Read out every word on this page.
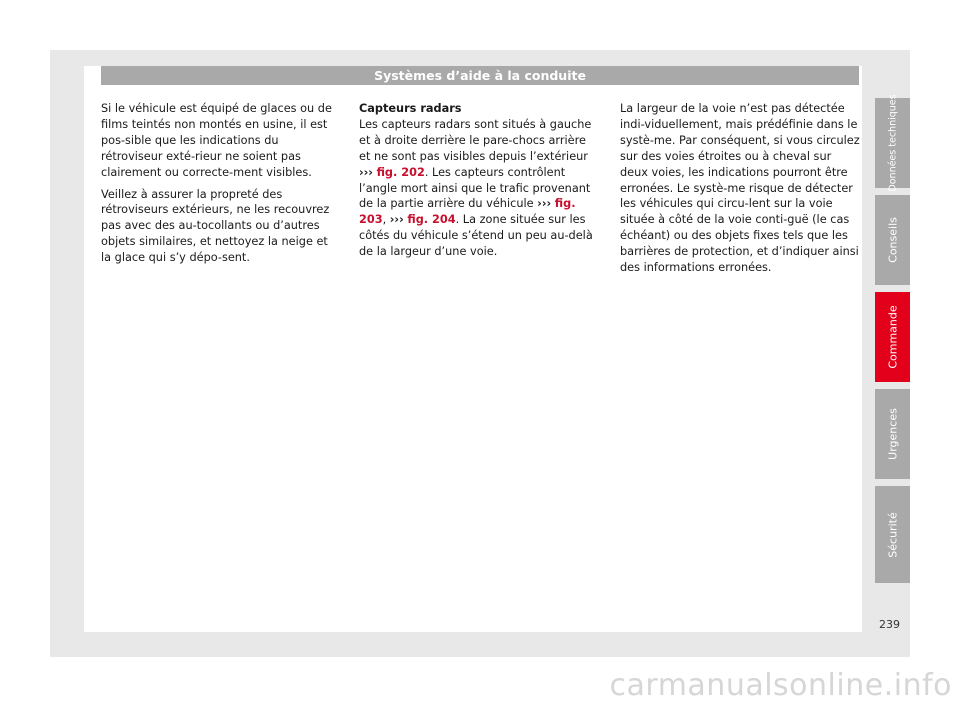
Systèmes d’aide à la conduite

Si le véhicule est équipé de glaces ou de films teintés non montés en usine, il est pos-sible que les indications du rétroviseur exté-rieur ne soient pas clairement ou correcte-ment visibles.

Veillez à assurer la propreté des rétroviseurs extérieurs, ne les recouvrez pas avec des au-tocollants ou d’autres objets similaires, et nettoyez la neige et la glace qui s’y dépo-sent.

Capteurs radars

Les capteurs radars sont situés à gauche et à droite derrière le pare-chocs arrière et ne sont pas visibles depuis l’extérieur ››› fig. 202. Les capteurs contrôlent l’angle mort ainsi que le trafic provenant de la partie arrière du véhicule ››› fig. 203, ››› fig. 204. La zone située sur les côtés du véhicule s’étend un peu au-delà de la largeur d’une voie.

La largeur de la voie n’est pas détectée indi-viduellement, mais prédéfinie dans le systè-me. Par conséquent, si vous circulez sur des voies étroites ou à cheval sur deux voies, les indications pourront être erronées. Le systè-me risque de détecter les véhicules qui circu-lent sur la voie située à côté de la voie conti-guë (le cas échéant) ou des objets fixes tels que les barrières de protection, et d’indiquer ainsi des informations erronées.

Données techniques
Conseils
Commande
Urgences
Sécurité
239
carmanualsonline.info
